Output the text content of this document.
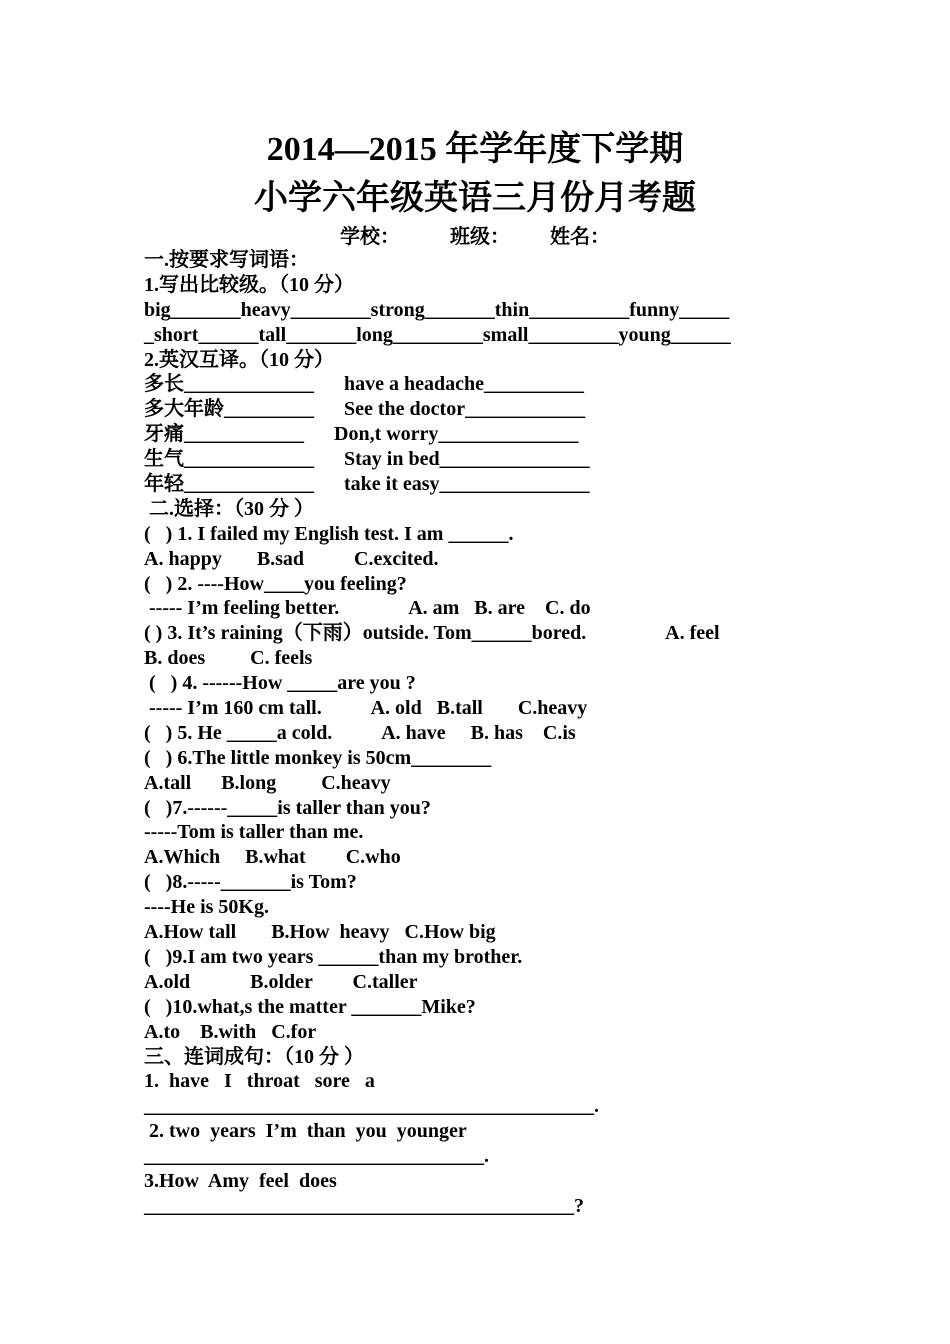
2014—2015 年学年度下学期
小学六年级英语三月份月考题
学校：          班级：        姓名：
一.按要求写词语：
1.写出比较级。（10 分）
big_______heavy________strong_______thin__________funny_____
_short______tall_______long_________small_________young______
2.英汉互译。（10 分）
多长_____________      have a headache__________
多大年龄_________      See the doctor____________
牙痛____________      Don,t worry______________
生气_____________      Stay in bed_______________
年轻_____________      take it easy_______________
二.选择：（30 分 ）
(   ) 1. I failed my English test. I am ______.
A. happy       B.sad          C.excited.
(   ) 2. ----How____you feeling?
----- I’m feeling better.              A. am   B. are    C. do
( ) 3. It’s raining（下雨）outside. Tom______bored.                A. feel
B. does         C. feels
(   ) 4. ------How _____are you ?
----- I’m 160 cm tall.          A. old   B.tall       C.heavy
(   ) 5. He _____a cold.          A. have     B. has    C.is
(   ) 6.The little monkey is 50cm________
A.tall      B.long         C.heavy
(   )7.------_____is taller than you?
-----Tom is taller than me.
A.Which     B.what        C.who
(   )8.-----_______is Tom?
----He is 50Kg.
A.How tall       B.How  heavy   C.How big
(   )9.I am two years ______than my brother.
A.old            B.older        C.taller
(   )10.what,s the matter _______Mike?
A.to    B.with   C.for
三、连词成句：（10 分 ）
1.  have   I   throat   sore   a
_____________________________________________.
2. two  years  I’m  than  you  younger
__________________________________.
3.How  Amy  feel  does
___________________________________________?
